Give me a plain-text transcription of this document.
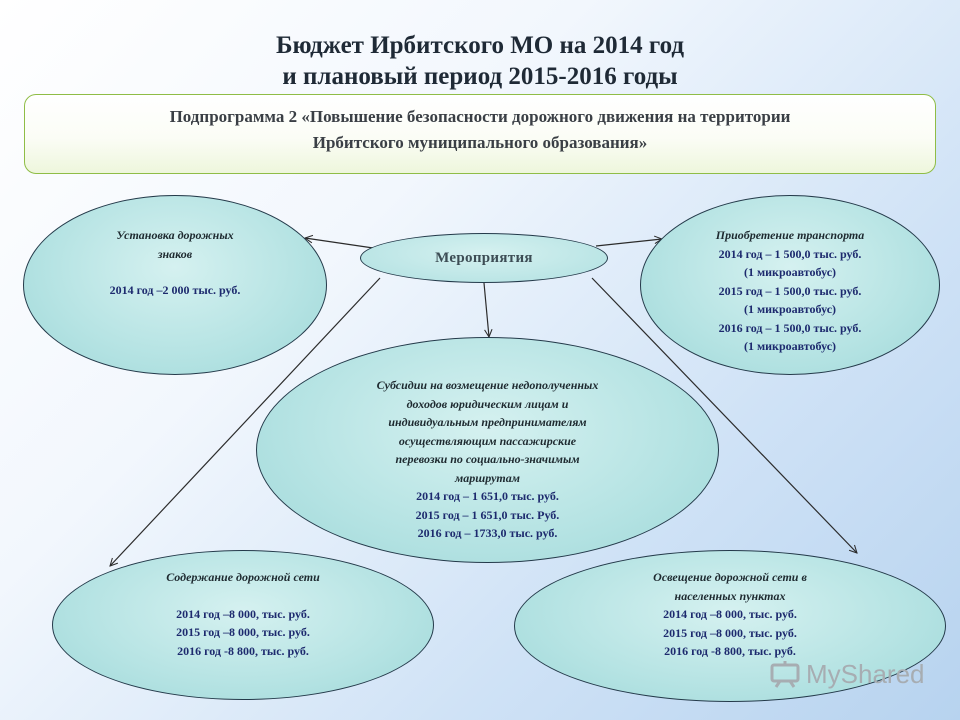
Бюджет Ирбитского МО на 2014 год
и плановый период 2015-2016 годы
Подпрограмма 2 «Повышение безопасности дорожного движения на территории
Ирбитского муниципального образования»
Мероприятия
Установка дорожных
знаков
2014 год –2 000 тыс. руб.
Приобретение транспорта
2014 год – 1 500,0 тыс. руб.
(1 микроавтобус)
2015 год – 1 500,0 тыс. руб.
(1 микроавтобус)
2016 год – 1 500,0 тыс. руб.
(1 микроавтобус)
Субсидии на возмещение недополученных
доходов юридическим лицам и
индивидуальным предпринимателям
осуществляющим пассажирские
перевозки по социально-значимым
маршрутам
2014 год – 1 651,0 тыс. руб.
2015 год – 1 651,0 тыс. Руб.
2016 год – 1733,0 тыс. руб.
Содержание дорожной сети
2014 год –8 000, тыс. руб.
2015 год –8 000, тыс. руб.
2016 год -8 800, тыс. руб.
Освещение дорожной сети в
населенных пунктах
2014 год –8 000, тыс. руб.
2015 год –8 000, тыс. руб.
2016 год -8 800, тыс. руб.
MyShared
